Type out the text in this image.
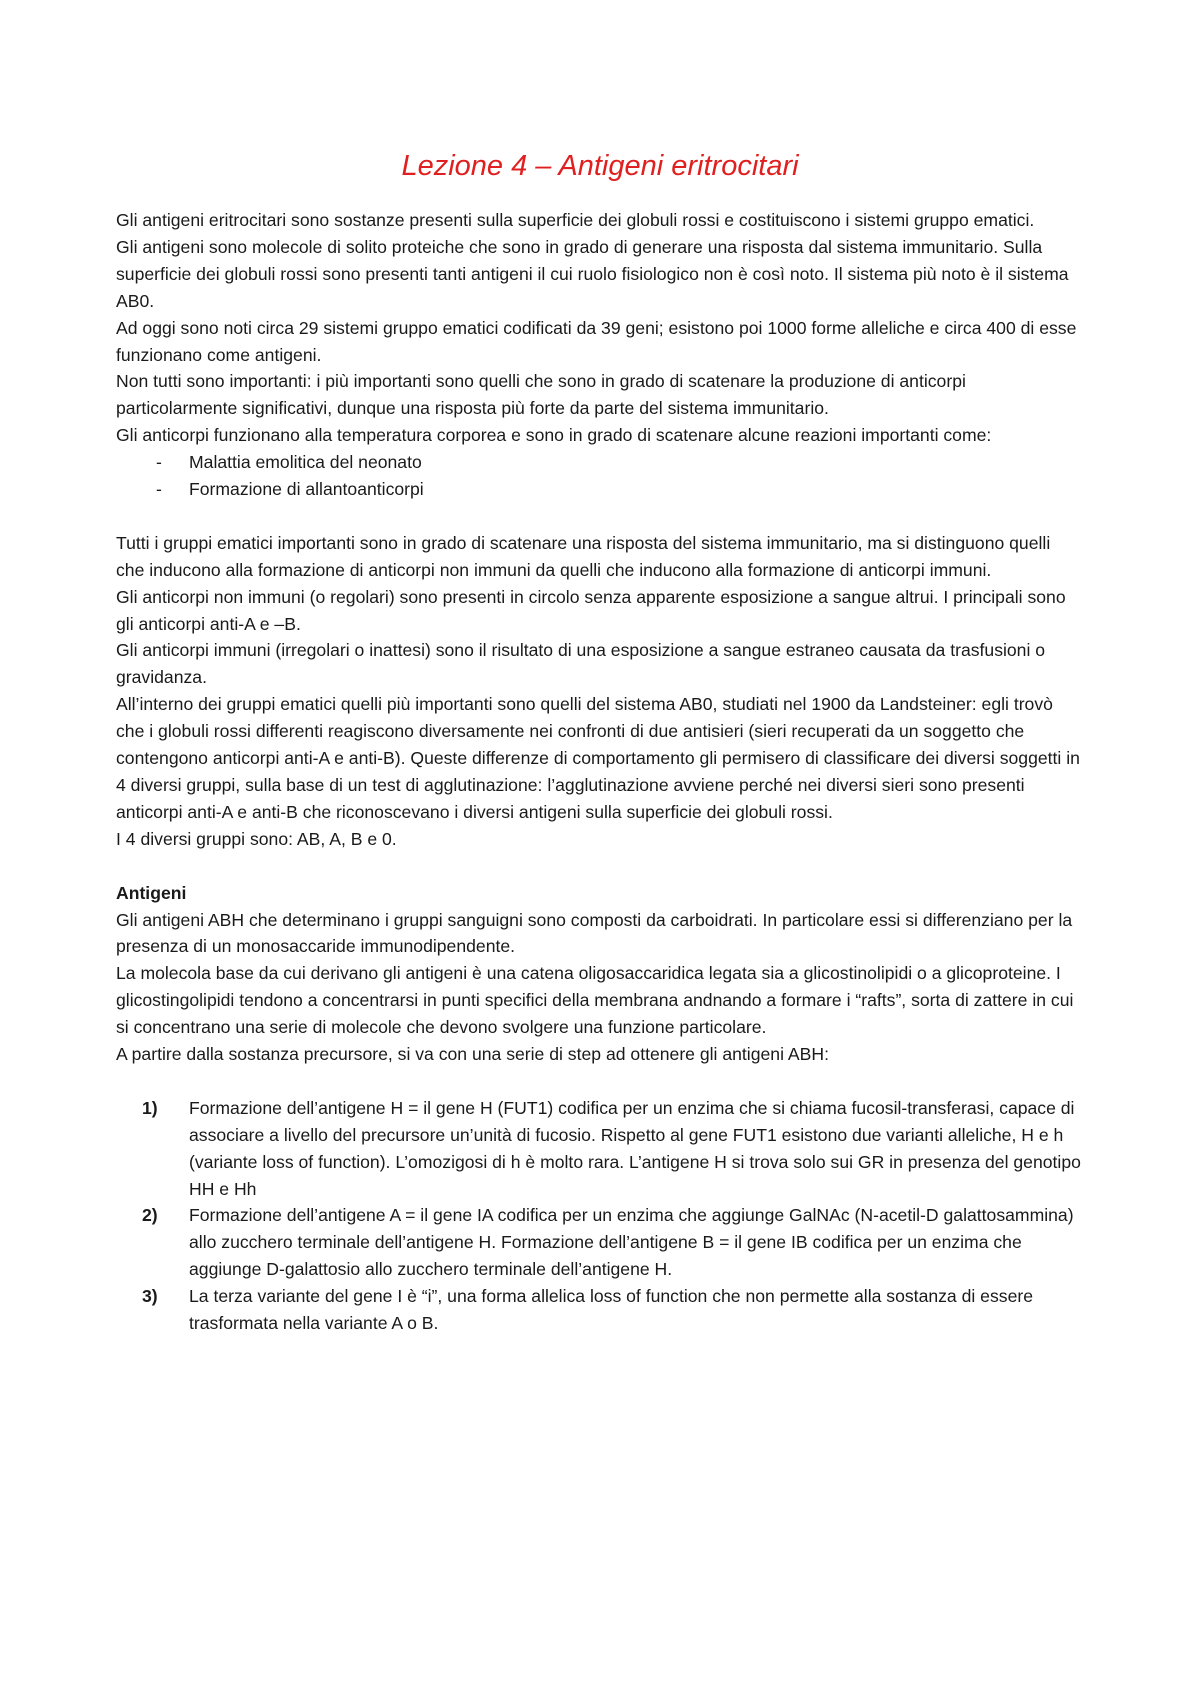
Lezione 4 – Antigeni eritrocitari

Gli antigeni eritrocitari sono sostanze presenti sulla superficie dei globuli rossi e costituiscono i sistemi gruppo ematici.

Gli antigeni sono molecole di solito proteiche che sono in grado di generare una risposta dal sistema immunitario. Sulla superficie dei globuli rossi sono presenti tanti antigeni il cui ruolo fisiologico non è così noto. Il sistema più noto è il sistema AB0.

Ad oggi sono noti circa 29 sistemi gruppo ematici codificati da 39 geni; esistono poi 1000 forme alleliche e circa 400 di esse funzionano come antigeni.

Non tutti sono importanti: i più importanti sono quelli che sono in grado di scatenare la produzione di anticorpi particolarmente significativi, dunque una risposta più forte da parte del sistema immunitario.

Gli anticorpi funzionano alla temperatura corporea e sono in grado di scatenare alcune reazioni importanti come:

- Malattia emolitica del neonato
- Formazione di allantoanticorpi

Tutti i gruppi ematici importanti sono in grado di scatenare una risposta del sistema immunitario, ma si distinguono quelli che inducono alla formazione di anticorpi non immuni da quelli che inducono alla formazione di anticorpi immuni.

Gli anticorpi non immuni (o regolari) sono presenti in circolo senza apparente esposizione a sangue altrui. I principali sono gli anticorpi anti-A e –B.

Gli anticorpi immuni (irregolari o inattesi) sono il risultato di una esposizione a sangue estraneo causata da trasfusioni o gravidanza.

All’interno dei gruppi ematici quelli più importanti sono quelli del sistema AB0, studiati nel 1900 da Landsteiner: egli trovò che i globuli rossi differenti reagiscono diversamente nei confronti di due antisieri (sieri recuperati da un soggetto che contengono anticorpi anti-A e anti-B). Queste differenze di comportamento gli permisero di classificare dei diversi soggetti in 4 diversi gruppi, sulla base di un test di agglutinazione: l’agglutinazione avviene perché nei diversi sieri sono presenti anticorpi anti-A e anti-B che riconoscevano i diversi antigeni sulla superficie dei globuli rossi.

I 4 diversi gruppi sono: AB, A, B e 0.

Antigeni

Gli antigeni ABH che determinano i gruppi sanguigni sono composti da carboidrati. In particolare essi si differenziano per la presenza di un monosaccaride immunodipendente.

La molecola base da cui derivano gli antigeni è una catena oligosaccaridica legata sia a glicostinolipidi o a glicoproteine. I glicostingolipidi tendono a concentrarsi in punti specifici della membrana andnando a formare i “rafts”, sorta di zattere in cui si concentrano una serie di molecole che devono svolgere una funzione particolare.

A partire dalla sostanza precursore, si va con una serie di step ad ottenere gli antigeni ABH:

1) Formazione dell’antigene H = il gene H (FUT1) codifica per un enzima che si chiama fucosil-transferasi, capace di associare a livello del precursore un’unità di fucosio. Rispetto al gene FUT1 esistono due varianti alleliche, H e h (variante loss of function). L’omozigosi di h è molto rara. L’antigene H si trova solo sui GR in presenza del genotipo HH e Hh
2) Formazione dell’antigene A = il gene IA codifica per un enzima che aggiunge GalNAc (N-acetil-D galattosammina) allo zucchero terminale dell’antigene H. Formazione dell’antigene B = il gene IB codifica per un enzima che aggiunge D-galattosio allo zucchero terminale dell’antigene H.
3) La terza variante del gene I è “i”, una forma allelica loss of function che non permette alla sostanza di essere trasformata nella variante A o B.
